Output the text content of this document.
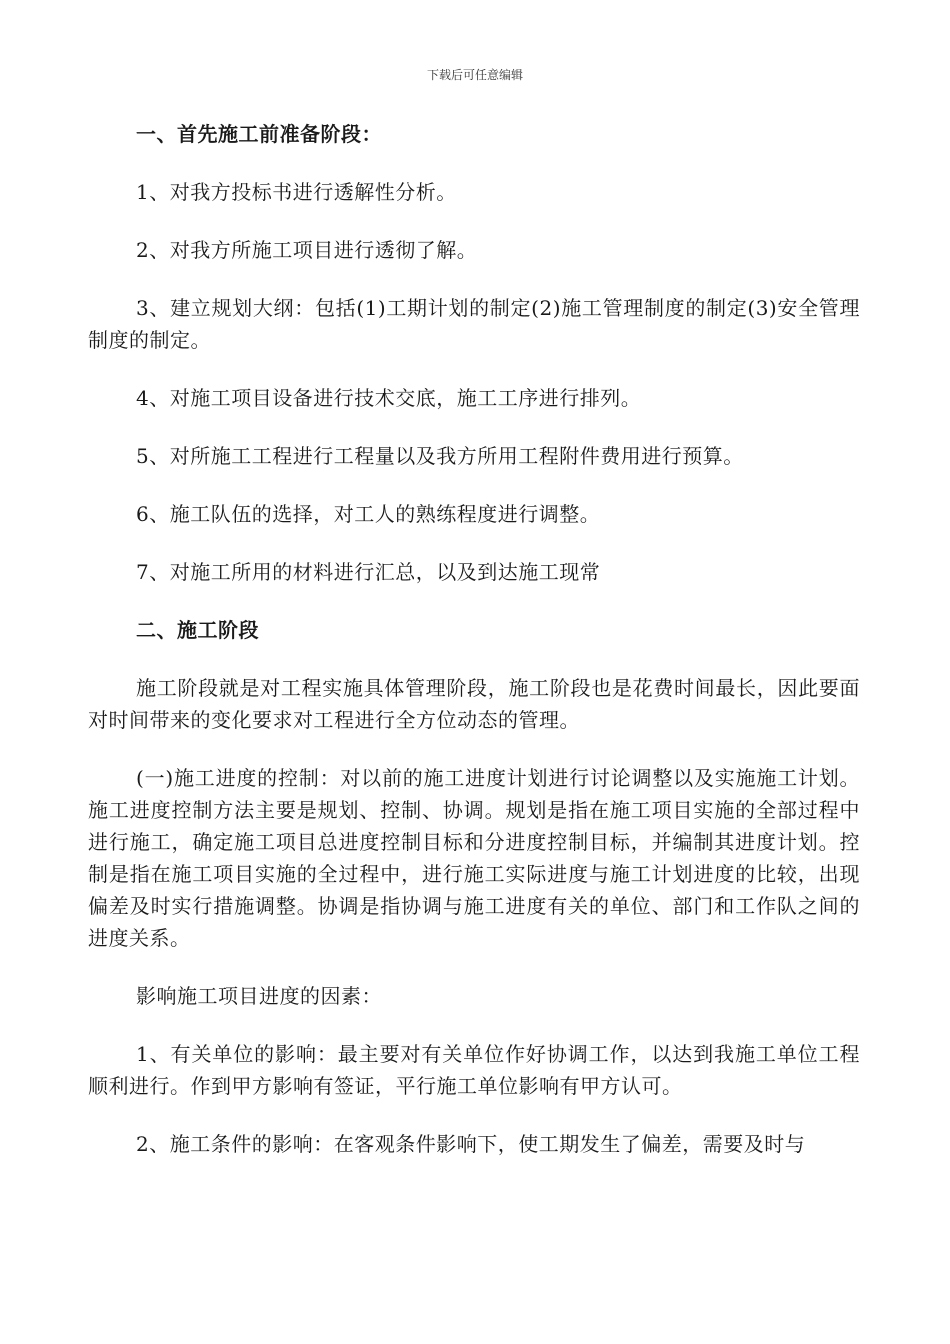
下载后可任意编辑
一、首先施工前准备阶段：

1、对我方投标书进行透解性分析。

2、对我方所施工项目进行透彻了解。

3、建立规划大纲：包括(1)工期计划的制定(2)施工管理制度的制定(3)安全管理制度的制定。

4、对施工项目设备进行技术交底，施工工序进行排列。

5、对所施工工程进行工程量以及我方所用工程附件费用进行预算。

6、施工队伍的选择，对工人的熟练程度进行调整。

7、对施工所用的材料进行汇总，以及到达施工现常

二、施工阶段

施工阶段就是对工程实施具体管理阶段，施工阶段也是花费时间最长，因此要面对时间带来的变化要求对工程进行全方位动态的管理。

(一)施工进度的控制：对以前的施工进度计划进行讨论调整以及实施施工计划。施工进度控制方法主要是规划、控制、协调。规划是指在施工项目实施的全部过程中进行施工，确定施工项目总进度控制目标和分进度控制目标，并编制其进度计划。控制是指在施工项目实施的全过程中，进行施工实际进度与施工计划进度的比较，出现偏差及时实行措施调整。协调是指协调与施工进度有关的单位、部门和工作队之间的进度关系。

影响施工项目进度的因素：

1、有关单位的影响：最主要对有关单位作好协调工作，以达到我施工单位工程顺利进行。作到甲方影响有签证，平行施工单位影响有甲方认可。

2、施工条件的影响：在客观条件影响下，使工期发生了偏差，需要及时与
